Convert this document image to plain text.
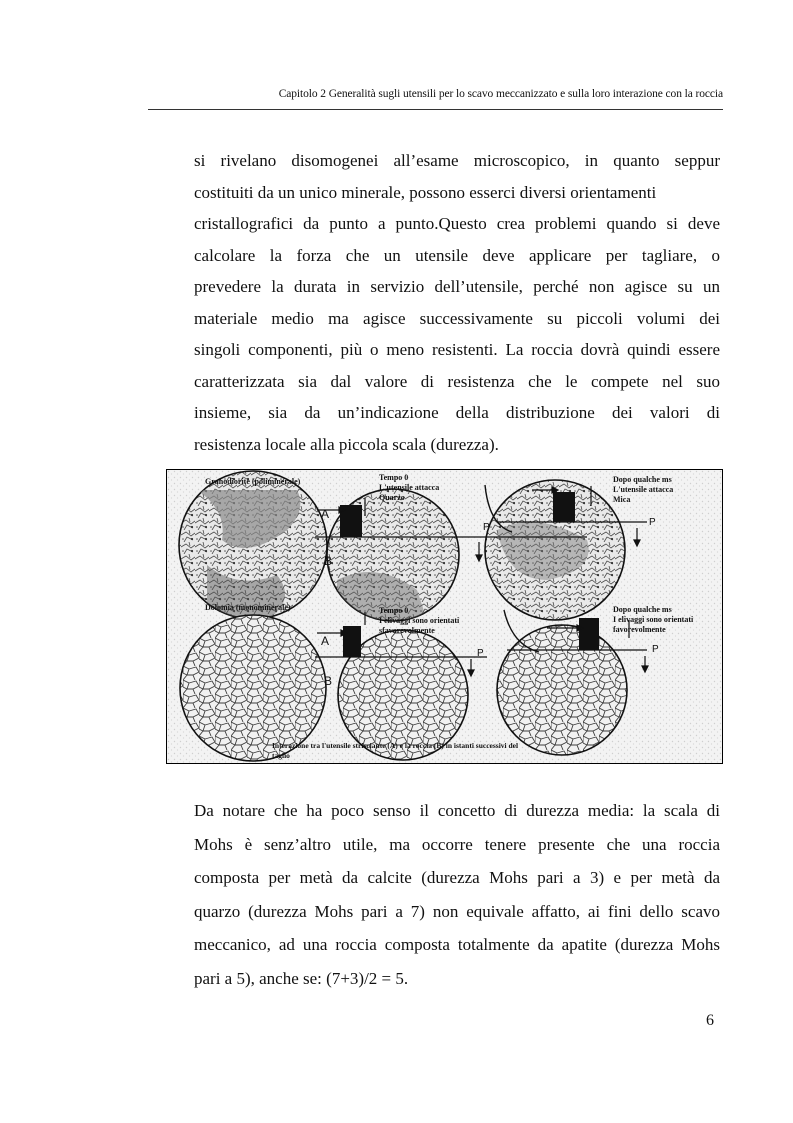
Capitolo 2 Generalità sugli utensili per lo scavo meccanizzato e sulla loro interazione con la roccia
si rivelano disomogenei all’esame microscopico, in quanto seppur
costituiti da un unico minerale, possono esserci diversi orientamenti
cristallografici da punto a punto.Questo crea problemi quando si deve
calcolare la forza che un utensile deve applicare per tagliare, o
prevedere la durata in servizio dell’utensile, perché non agisce su un
materiale medio ma agisce successivamente su piccoli volumi dei
singoli componenti, più o meno resistenti. La roccia dovrà quindi essere
caratterizzata sia dal valore di resistenza che le compete nel suo
insieme, sia da un’indicazione della distribuzione dei valori di
resistenza locale alla piccola scala (durezza).
Granodiorite (poliminerale)	Tempo 0
L'utensile attacca
Quarzo
Dopo qualche ms
L'utensile attacca
Mica
Dolomia (monominerale)	Tempo 0
I elivaggi sono orientati
sfavorevolmente
Dopo qualche ms
I elivaggi sono orientati
favorevolmente
A
B
A
B
P	P
P	P
Interazione tra l'utensile strisciante (A) e la roccia (B) in istanti successivi del
taglio
Da notare che ha poco senso il concetto di durezza media: la scala di
Mohs è senz’altro utile, ma occorre tenere presente che una roccia
composta per metà da calcite (durezza Mohs pari a 3) e per metà da
quarzo (durezza Mohs pari a 7) non equivale affatto, ai fini dello scavo
meccanico, ad una roccia composta totalmente da apatite (durezza Mohs
pari a 5), anche se: (7+3)/2 = 5.
6
